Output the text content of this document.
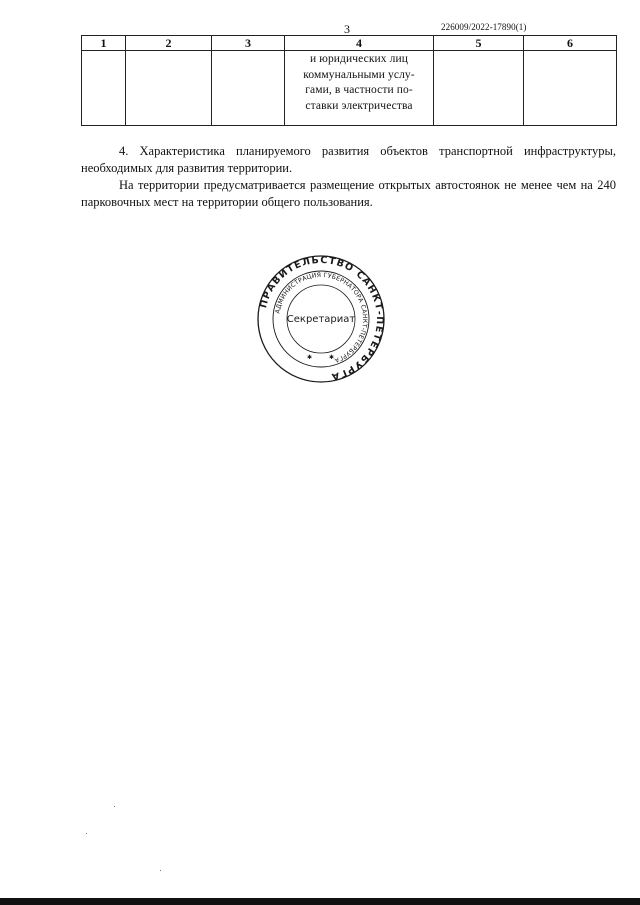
3	226009/2022-17890(1)
1	2	3	4	5	6

			и юридических лиц
коммунальными услу-
гами, в частности по-
ставки электричества		

4. Характеристика планируемого развития объектов транспортной инфраструктуры, необходимых для развития территории.

На территории предусматривается размещение открытых автостоянок не менее чем на 240 парковочных мест на территории общего пользования.

ПРАВИТЕЛЬСТВО САНКТ-ПЕТЕРБУРГА
АДМИНИСТРАЦИЯ ГУБЕРНАТОРА САНКТ-ПЕТЕРБУРГА
Секретариат
✱	✱
